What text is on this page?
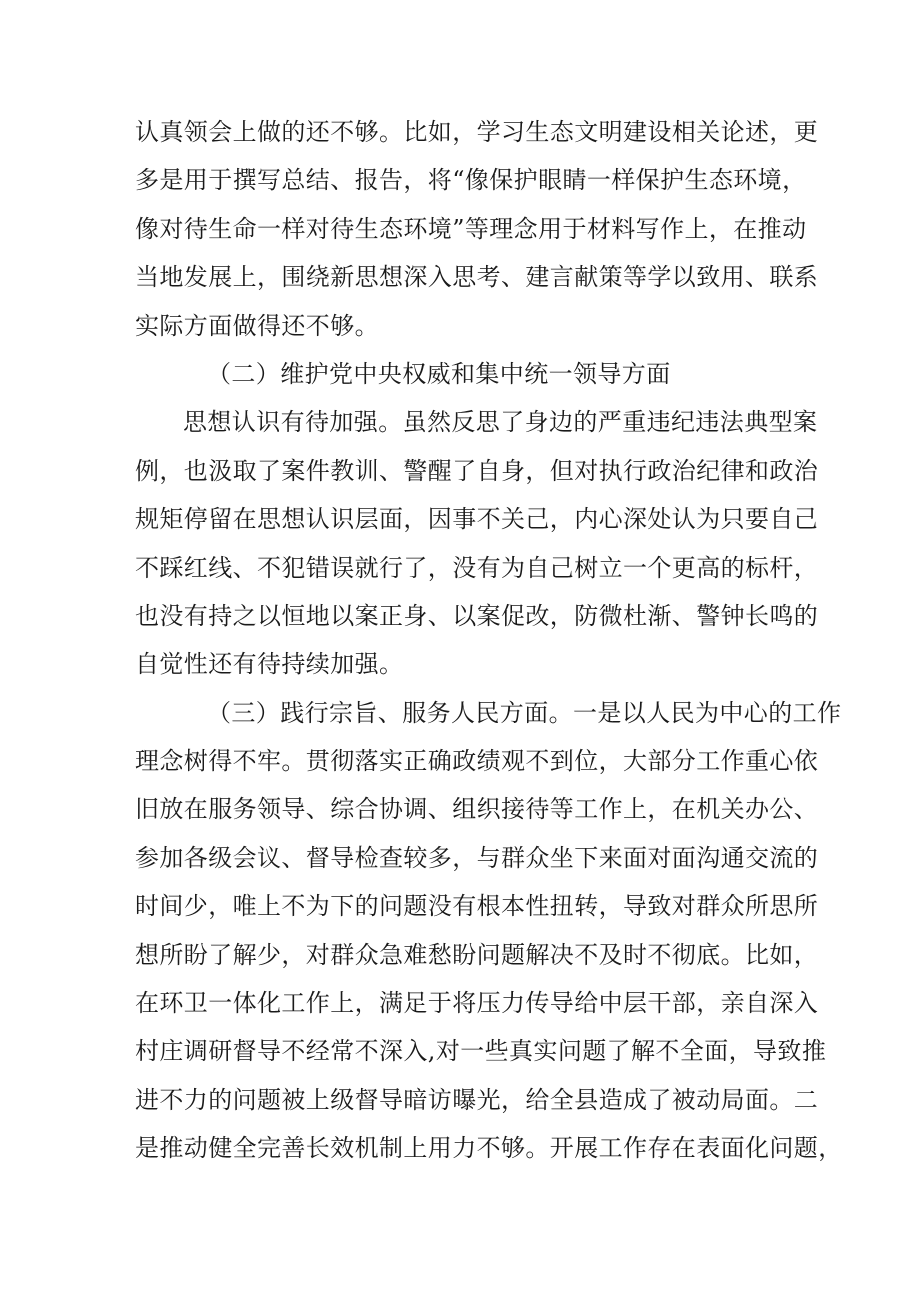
认真领会上做的还不够。比如，学习生态文明建设相关论述，更
多是用于撰写总结、报告，将“像保护眼睛一样保护生态环境，
像对待生命一样对待生态环境”等理念用于材料写作上，在推动
当地发展上，围绕新思想深入思考、建言献策等学以致用、联系
实际方面做得还不够。
（二）维护党中央权威和集中统一领导方面
思想认识有待加强。虽然反思了身边的严重违纪违法典型案
例，也汲取了案件教训、警醒了自身，但对执行政治纪律和政治
规矩停留在思想认识层面，因事不关己，内心深处认为只要自己
不踩红线、不犯错误就行了，没有为自己树立一个更高的标杆，
也没有持之以恒地以案正身、以案促改，防微杜渐、警钟长鸣的
自觉性还有待持续加强。
（三）践行宗旨、服务人民方面。一是以人民为中心的工作
理念树得不牢。贯彻落实正确政绩观不到位，大部分工作重心依
旧放在服务领导、综合协调、组织接待等工作上，在机关办公、
参加各级会议、督导检查较多，与群众坐下来面对面沟通交流的
时间少，唯上不为下的问题没有根本性扭转，导致对群众所思所
想所盼了解少，对群众急难愁盼问题解决不及时不彻底。比如，
在环卫一体化工作上，满足于将压力传导给中层干部，亲自深入
村庄调研督导不经常不深入,对一些真实问题了解不全面，导致推
进不力的问题被上级督导暗访曝光，给全县造成了被动局面。二
是推动健全完善长效机制上用力不够。开展工作存在表面化问题，
